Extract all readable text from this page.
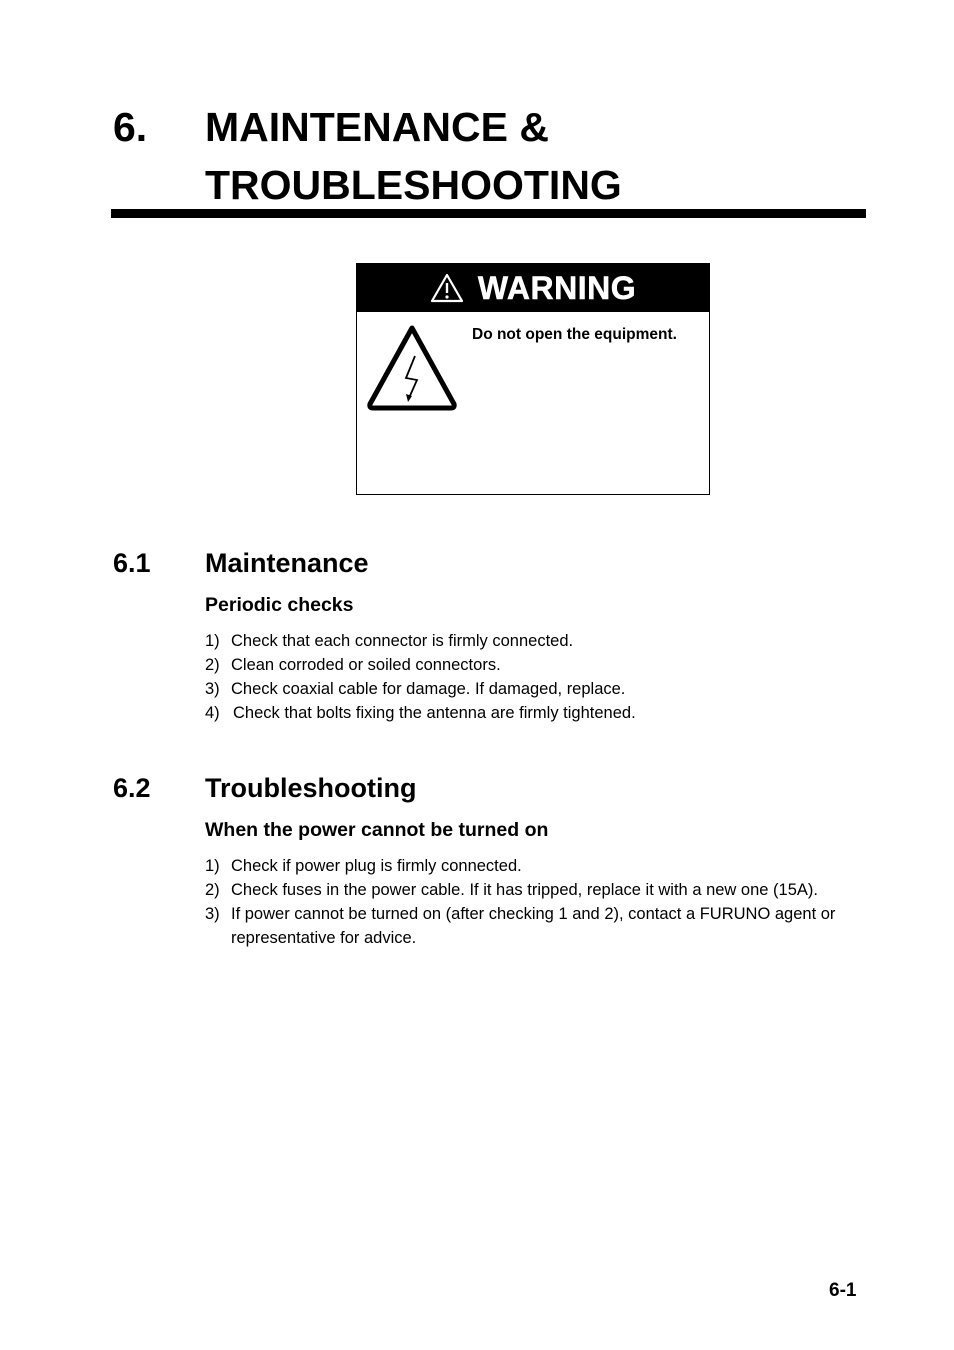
6. MAINTENANCE &
TROUBLESHOOTING
WARNING
Do not open the equipment.
6.1 Maintenance
Periodic checks
1) Check that each connector is firmly connected.
2) Clean corroded or soiled connectors.
3) Check coaxial cable for damage. If damaged, replace.
4) Check that bolts fixing the antenna are firmly tightened.
6.2 Troubleshooting
When the power cannot be turned on
1) Check if power plug is firmly connected.
2) Check fuses in the power cable. If it has tripped, replace it with a new one (15A).
3) If power cannot be turned on (after checking 1 and 2), contact a FURUNO agent or representative for advice.
6-1
